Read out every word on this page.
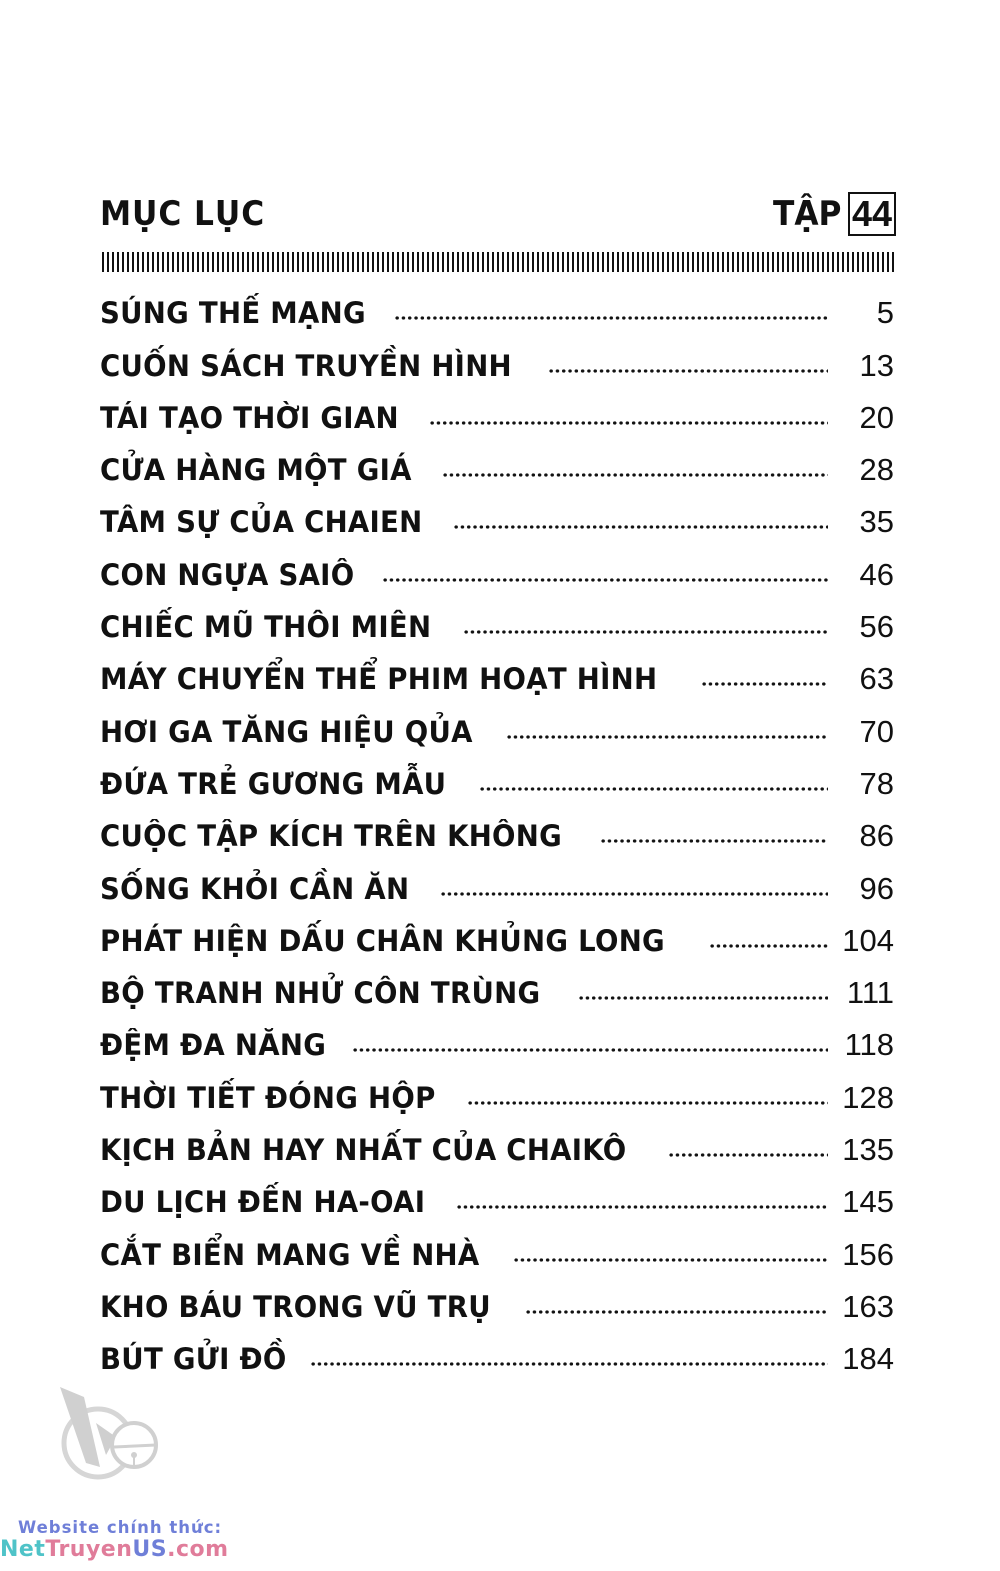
MỤC LỤC	TẬP 44
SÚNG THẾ MẠNG	5
CUỐN SÁCH TRUYỀN HÌNH	13
TÁI TẠO THỜI GIAN	20
CỬA HÀNG MỘT GIÁ	28
TÂM SỰ CỦA CHAIEN	35
CON NGỰA SAIÔ	46
CHIẾC MŨ THÔI MIÊN	56
MÁY CHUYỂN THỂ PHIM HOẠT HÌNH	63
HƠI GA TĂNG HIỆU QỦA	70
ĐỨA TRẺ GƯƠNG MẪU	78
CUỘC TẬP KÍCH TRÊN KHÔNG	86
SỐNG KHỎI CẦN ĂN	96
PHÁT HIỆN DẤU CHÂN KHỦNG LONG	104
BỘ TRANH NHỬ CÔN TRÙNG	111
ĐỆM ĐA NĂNG	118
THỜI TIẾT ĐÓNG HỘP	128
KỊCH BẢN HAY NHẤT CỦA CHAIKÔ	135
DU LỊCH ĐẾN HA-OAI	145
CẮT BIỂN MANG VỀ NHÀ	156
KHO BÁU TRONG VŨ TRỤ	163
BÚT GỬI ĐỒ	184
Website chính thức:
NetTruyenUS.com
